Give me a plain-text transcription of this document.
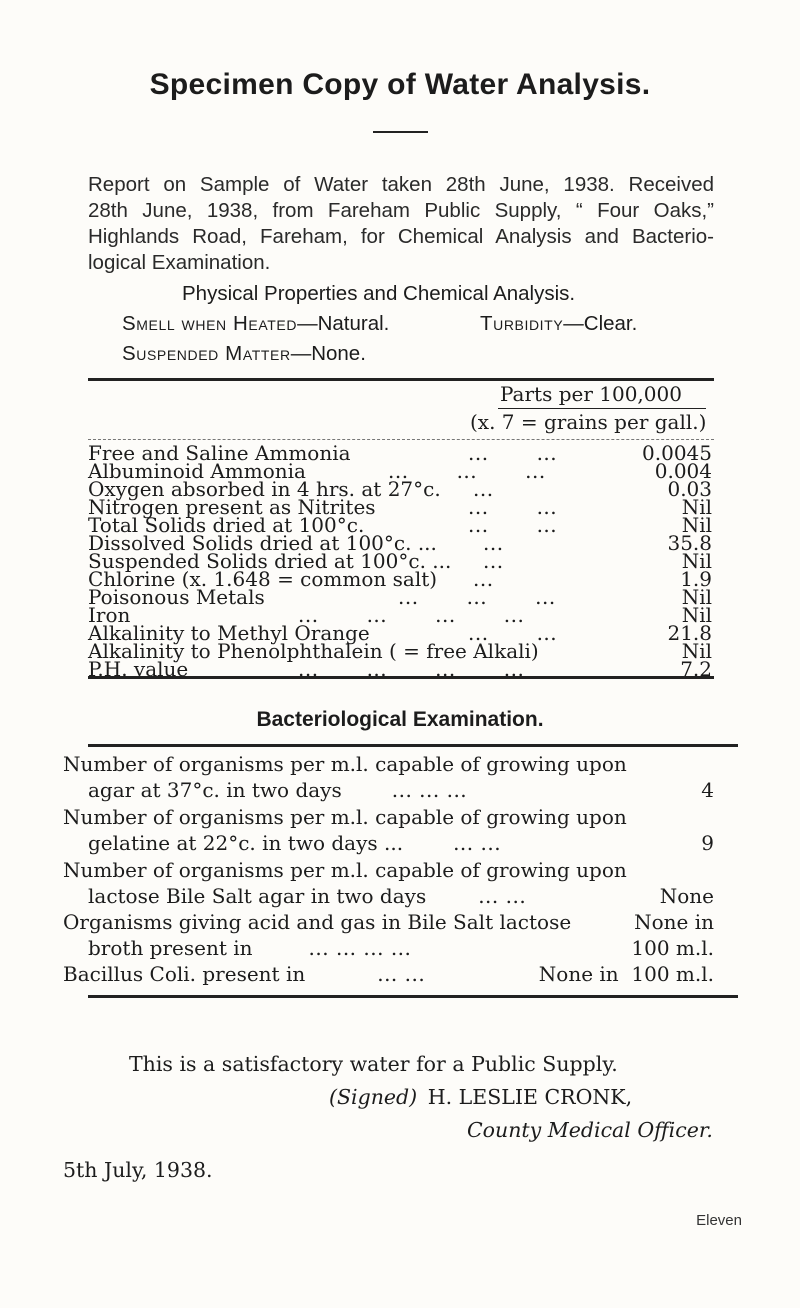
Specimen Copy of Water Analysis.
Report on Sample of Water taken 28th June, 1938. Received
28th June, 1938, from Fareham Public Supply, “ Four Oaks,”
Highlands Road, Fareham, for Chemical Analysis and Bacterio-
logical Examination.
Physical Properties and Chemical Analysis.
Smell when Heated—Natural.	Turbidity—Clear.
Suspended Matter—None.
Parts per 100,000
(x. 7 = grains per gall.)
Free and Saline Ammonia	...       ...	0.0045
Albuminoid Ammonia	...       ...       ...	0.004
Oxygen absorbed in 4 hrs. at 27°c. ...	0.03
Nitrogen present as Nitrites	...       ...	Nil
Total Solids dried at 100°c.	...       ...	Nil
Dissolved Solids dried at 100°c. ... ...	35.8
Suspended Solids dried at 100°c. ... ...	Nil
Chlorine (x. 1.648 = common salt) ...	1.9
Poisonous Metals	...       ...       ...	Nil
Iron	...       ...       ...       ...	Nil
Alkalinity to Methyl Orange	...       ...	21.8
Alkalinity to Phenolphthalein ( = free Alkali)	Nil
P.H. value	...       ...       ...       ...	7.2
Bacteriological Examination.
Number of organisms per m.l. capable of growing upon
agar at 37°c. in two days	... ... ...	4
Number of organisms per m.l. capable of growing upon
gelatine at 22°c. in two days ...	... ...	9
Number of organisms per m.l. capable of growing upon
lactose Bile Salt agar in two days	... ...	None
Organisms giving acid and gas in Bile Salt lactose	None in
broth present in	... ... ... ...	100 m.l.
Bacillus Coli. present in	... ...	None in  100 m.l.
This is a satisfactory water for a Public Supply.
(Signed) H. LESLIE CRONK,
County Medical Officer.
5th July, 1938.
Eleven
